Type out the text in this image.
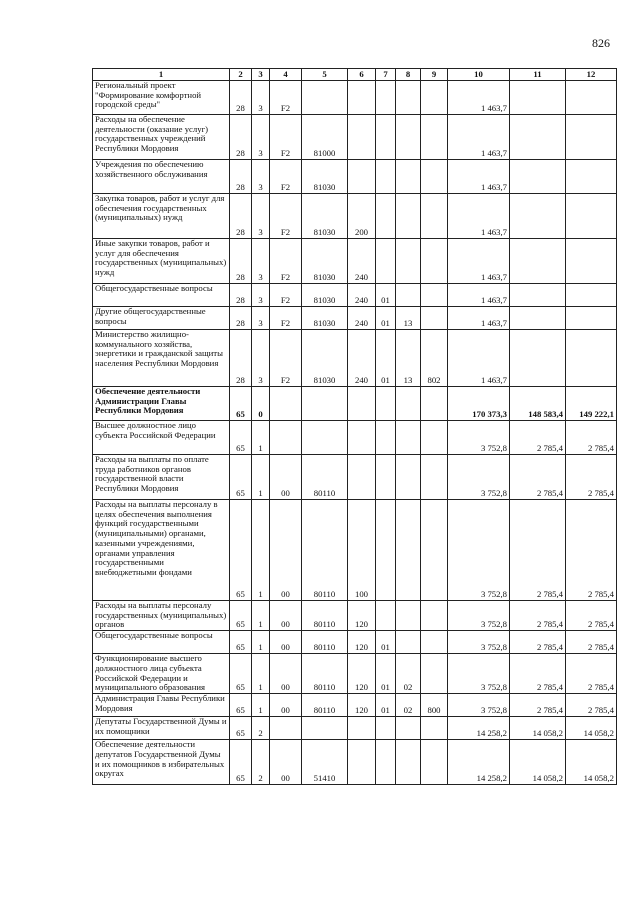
826
1	2	3	4	5	6	7	8	9	10	11	12
Региональный проект "Формирование комфортной городской среды"	28	3	F2						1 463,7		
Расходы на обеспечение деятельности (оказание услуг) государственных учреждений Республики Мордовия	28	3	F2	81000					1 463,7		
Учреждения по обеспечению хозяйственного обслуживания	28	3	F2	81030					1 463,7		
Закупка товаров, работ и услуг для обеспечения государственных (муниципальных) нужд	28	3	F2	81030	200				1 463,7		
Иные закупки товаров, работ и услуг для обеспечения государственных (муниципальных) нужд	28	3	F2	81030	240				1 463,7		
Общегосударственные вопросы	28	3	F2	81030	240	01			1 463,7		
Другие общегосударственные вопросы	28	3	F2	81030	240	01	13		1 463,7		
Министерство жилищно-коммунального хозяйства, энергетики и гражданской защиты населения Республики Мордовия	28	3	F2	81030	240	01	13	802	1 463,7		
Обеспечение деятельности Администрации Главы Республики Мордовия	65	0							170 373,3	148 583,4	149 222,1
Высшее должностное лицо субъекта Российской Федерации	65	1							3 752,8	2 785,4	2 785,4
Расходы на выплаты по оплате труда работников органов государственной власти Республики Мордовия	65	1	00	80110					3 752,8	2 785,4	2 785,4
Расходы на выплаты персоналу в целях обеспечения выполнения функций государственными (муниципальными) органами, казенными учреждениями, органами управления государственными внебюджетными фондами	65	1	00	80110	100				3 752,8	2 785,4	2 785,4
Расходы на выплаты персоналу государственных (муниципальных) органов	65	1	00	80110	120				3 752,8	2 785,4	2 785,4
Общегосударственные вопросы	65	1	00	80110	120	01			3 752,8	2 785,4	2 785,4
Функционирование высшего должностного лица субъекта Российской Федерации и муниципального образования	65	1	00	80110	120	01	02		3 752,8	2 785,4	2 785,4
Администрация Главы Республики Мордовия	65	1	00	80110	120	01	02	800	3 752,8	2 785,4	2 785,4
Депутаты Государственной Думы и их помощники	65	2							14 258,2	14 058,2	14 058,2
Обеспечение деятельности депутатов Государственной Думы и их помощников в избирательных округах	65	2	00	51410					14 258,2	14 058,2	14 058,2
